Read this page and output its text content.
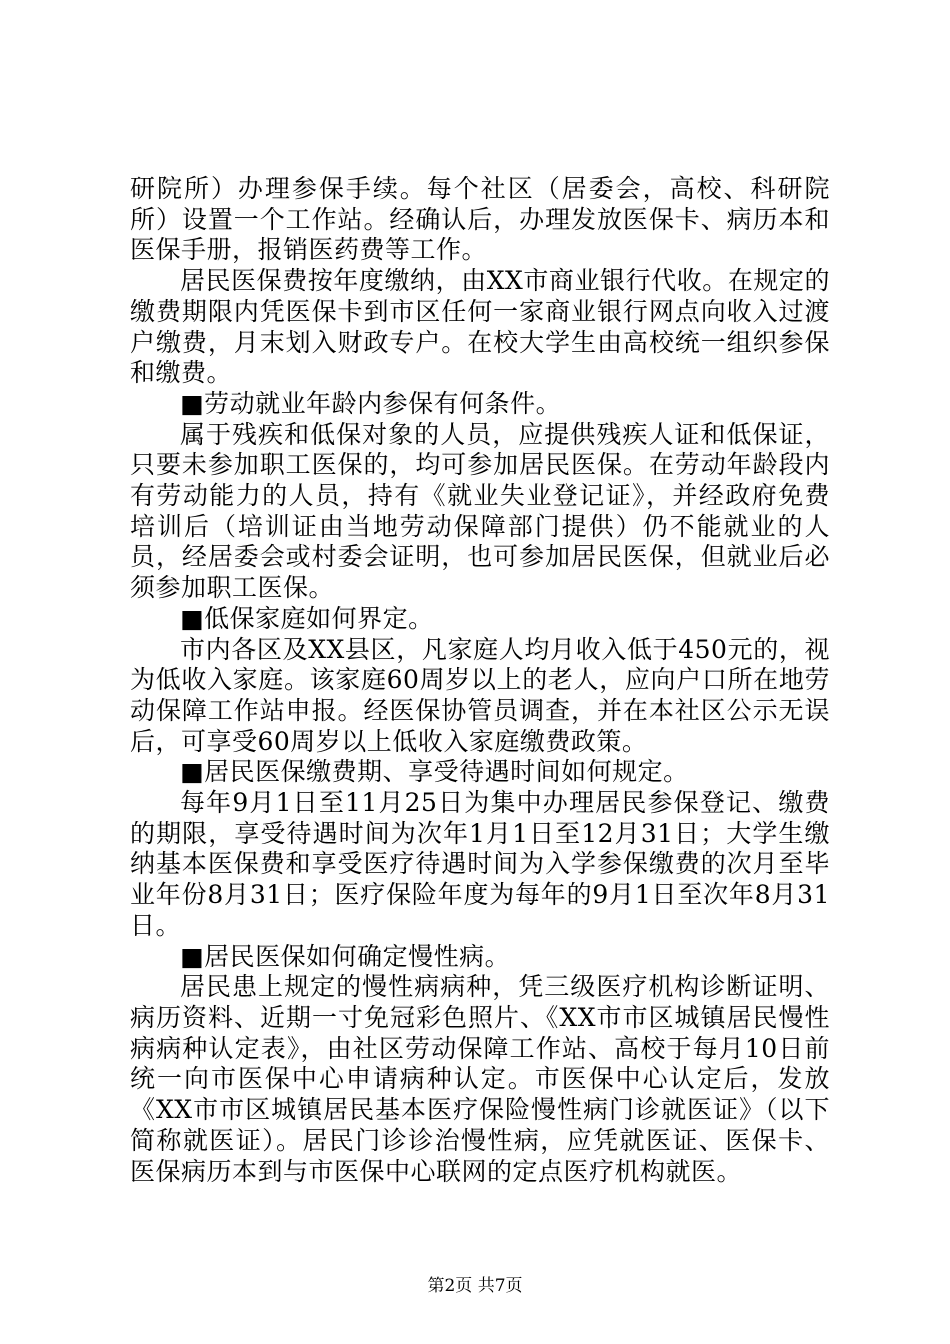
研院所）办理参保手续。每个社区（居委会，高校、科研院所）设置一个工作站。经确认后，办理发放医保卡、病历本和医保手册，报销医药费等工作。

居民医保费按年度缴纳，由XX市商业银行代收。在规定的缴费期限内凭医保卡到市区任何一家商业银行网点向收入过渡户缴费，月末划入财政专户。在校大学生由高校统一组织参保和缴费。

■劳动就业年龄内参保有何条件。

属于残疾和低保对象的人员，应提供残疾人证和低保证，只要未参加职工医保的，均可参加居民医保。在劳动年龄段内有劳动能力的人员，持有《就业失业登记证》，并经政府免费培训后（培训证由当地劳动保障部门提供）仍不能就业的人员，经居委会或村委会证明，也可参加居民医保，但就业后必须参加职工医保。

■低保家庭如何界定。

市内各区及XX县区，凡家庭人均月收入低于450元的，视为低收入家庭。该家庭60周岁以上的老人，应向户口所在地劳动保障工作站申报。经医保协管员调查，并在本社区公示无误后，可享受60周岁以上低收入家庭缴费政策。

■居民医保缴费期、享受待遇时间如何规定。

每年9月1日至11月25日为集中办理居民参保登记、缴费的期限，享受待遇时间为次年1月1日至12月31日；大学生缴纳基本医保费和享受医疗待遇时间为入学参保缴费的次月至毕业年份8月31日；医疗保险年度为每年的9月1日至次年8月31日。

■居民医保如何确定慢性病。

居民患上规定的慢性病病种，凭三级医疗机构诊断证明、病历资料、近期一寸免冠彩色照片、《XX市市区城镇居民慢性病病种认定表》，由社区劳动保障工作站、高校于每月10日前统一向市医保中心申请病种认定。市医保中心认定后，发放《XX市市区城镇居民基本医疗保险慢性病门诊就医证》（以下简称就医证）。居民门诊诊治慢性病，应凭就医证、医保卡、医保病历本到与市医保中心联网的定点医疗机构就医。

第2页 共7页
